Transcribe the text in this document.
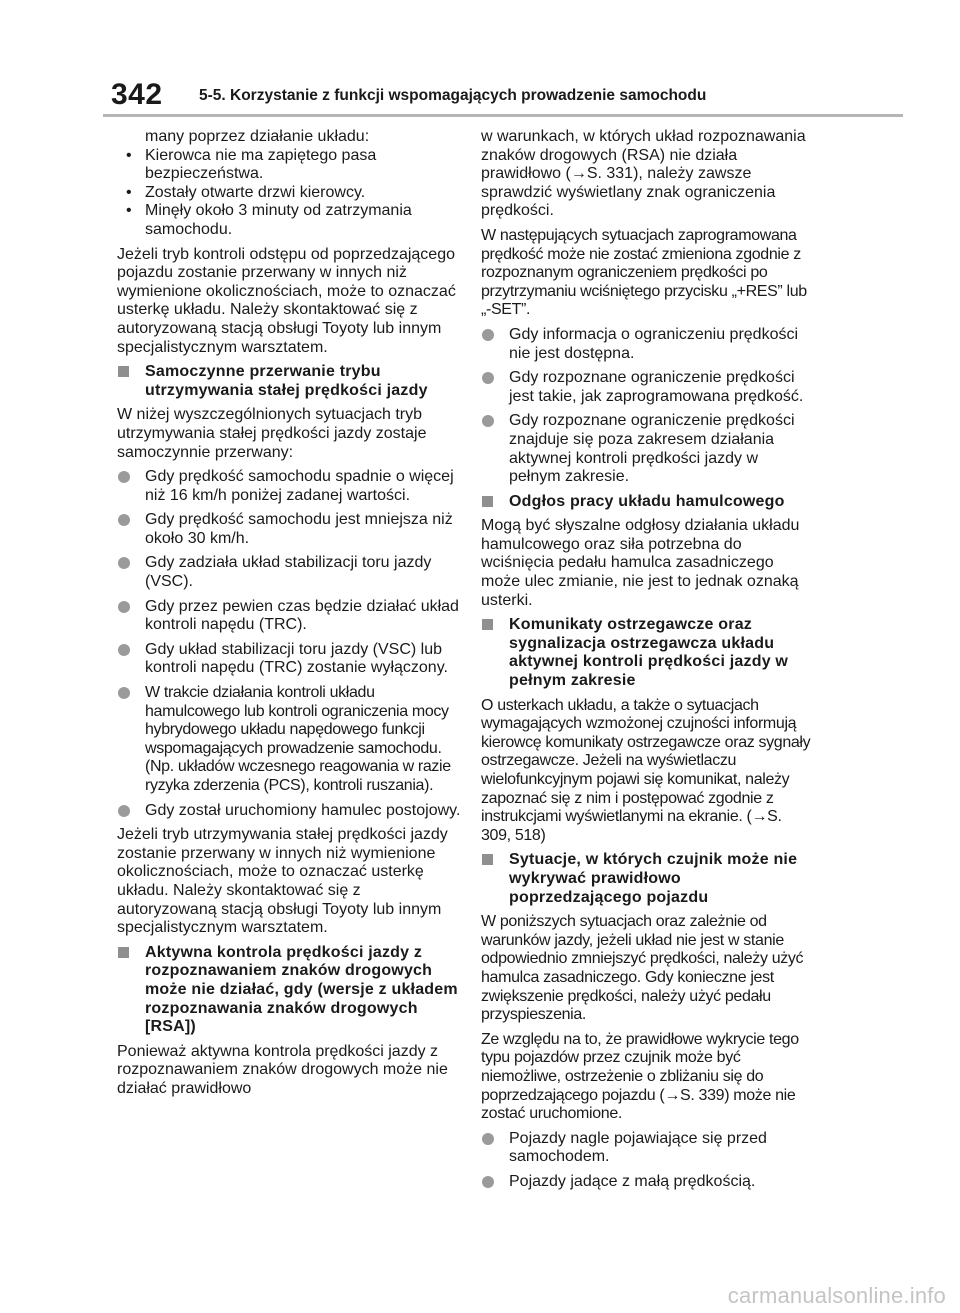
342 5-5. Korzystanie z funkcji wspomagających prowadzenie samochodu

many poprzez działanie układu:

• Kierowca nie ma zapiętego pasa bezpieczeństwa.
• Zostały otwarte drzwi kierowcy.
• Minęły około 3 minuty od zatrzymania samochodu.

Jeżeli tryb kontroli odstępu od poprzedzającego pojazdu zostanie przerwany w innych niż wymienione okolicznościach, może to oznaczać usterkę układu. Należy skontaktować się z autoryzowaną stacją obsługi Toyoty lub innym specjalistycznym warsztatem.

Samoczynne przerwanie trybu utrzymywania stałej prędkości jazdy

W niżej wyszczególnionych sytuacjach tryb utrzymywania stałej prędkości jazdy zostaje samoczynnie przerwany:

Gdy prędkość samochodu spadnie o więcej niż 16 km/h poniżej zadanej wartości.
Gdy prędkość samochodu jest mniejsza niż około 30 km/h.
Gdy zadziała układ stabilizacji toru jazdy (VSC).
Gdy przez pewien czas będzie działać układ kontroli napędu (TRC).
Gdy układ stabilizacji toru jazdy (VSC) lub kontroli napędu (TRC) zostanie wyłączony.
W trakcie działania kontroli układu hamulcowego lub kontroli ograniczenia mocy hybrydowego układu napędowego funkcji wspomagających prowadzenie samochodu. (Np. układów wczesnego reagowania w razie ryzyka zderzenia (PCS), kontroli ruszania).
Gdy został uruchomiony hamulec postojowy.

Jeżeli tryb utrzymywania stałej prędkości jazdy zostanie przerwany w innych niż wymienione okolicznościach, może to oznaczać usterkę układu. Należy skontaktować się z autoryzowaną stacją obsługi Toyoty lub innym specjalistycznym warsztatem.

Aktywna kontrola prędkości jazdy z rozpoznawaniem znaków drogowych może nie działać, gdy (wersje z układem rozpoznawania znaków drogowych [RSA])

Ponieważ aktywna kontrola prędkości jazdy z rozpoznawaniem znaków drogowych może nie działać prawidłowo

w warunkach, w których układ rozpoznawania znaków drogowych (RSA) nie działa prawidłowo (→S. 331), należy zawsze sprawdzić wyświetlany znak ograniczenia prędkości.

W następujących sytuacjach zaprogramowana prędkość może nie zostać zmieniona zgodnie z rozpoznanym ograniczeniem prędkości po przytrzymaniu wciśniętego przycisku „+RES” lub „-SET”.

Gdy informacja o ograniczeniu prędkości nie jest dostępna.
Gdy rozpoznane ograniczenie prędkości jest takie, jak zaprogramowana prędkość.
Gdy rozpoznane ograniczenie prędkości znajduje się poza zakresem działania aktywnej kontroli prędkości jazdy w pełnym zakresie.
Odgłos pracy układu hamulcowego

Mogą być słyszalne odgłosy działania układu hamulcowego oraz siła potrzebna do wciśnięcia pedału hamulca zasadniczego może ulec zmianie, nie jest to jednak oznaką usterki.

Komunikaty ostrzegawcze oraz sygnalizacja ostrzegawcza układu aktywnej kontroli prędkości jazdy w pełnym zakresie

O usterkach układu, a także o sytuacjach wymagających wzmożonej czujności informują kierowcę komunikaty ostrzegawcze oraz sygnały ostrzegawcze. Jeżeli na wyświetlaczu wielofunkcyjnym pojawi się komunikat, należy zapoznać się z nim i postępować zgodnie z instrukcjami wyświetlanymi na ekranie. (→S. 309, 518)

Sytuacje, w których czujnik może nie wykrywać prawidłowo poprzedzającego pojazdu

W poniższych sytuacjach oraz zależnie od warunków jazdy, jeżeli układ nie jest w stanie odpowiednio zmniejszyć prędkości, należy użyć hamulca zasadniczego. Gdy konieczne jest zwiększenie prędkości, należy użyć pedału przyspieszenia.

Ze względu na to, że prawidłowe wykrycie tego typu pojazdów przez czujnik może być niemożliwe, ostrzeżenie o zbliżaniu się do poprzedzającego pojazdu (→S. 339) może nie zostać uruchomione.

Pojazdy nagle pojawiające się przed samochodem.
Pojazdy jadące z małą prędkością.
carmanualsonline.info
